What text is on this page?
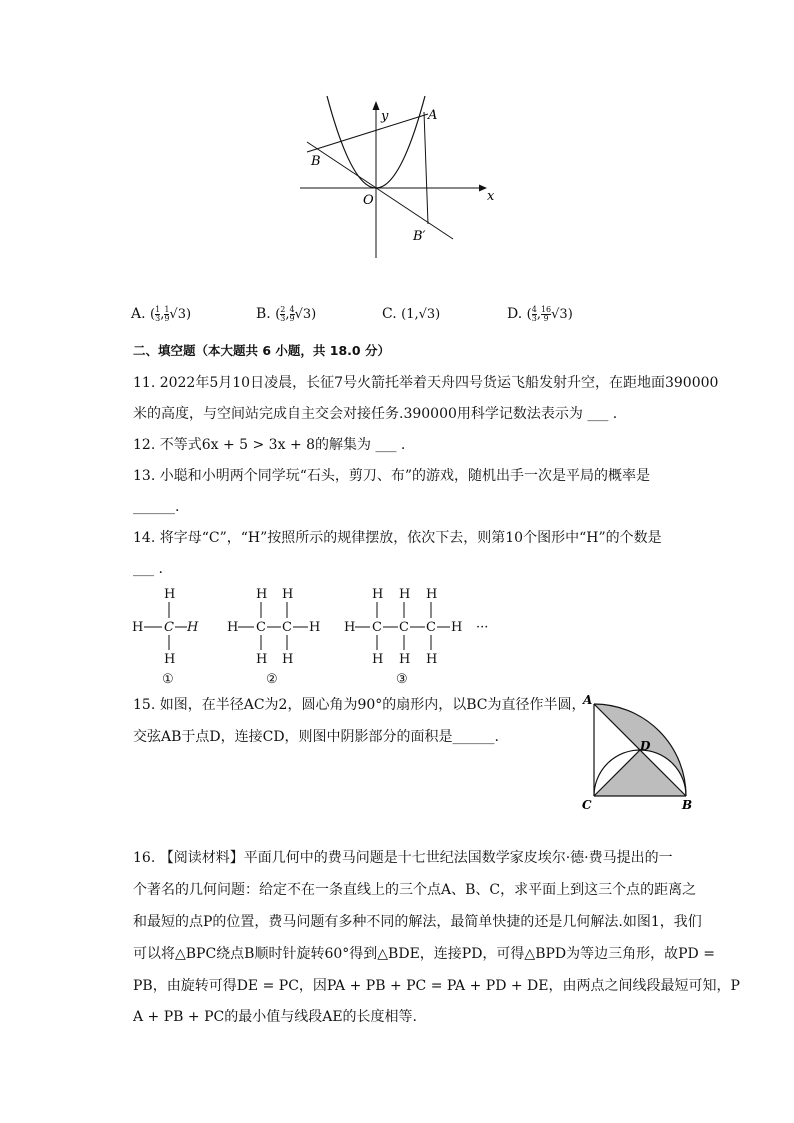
y
x
O
A
B
B′
A. ( $\frac{1}{3}$ , $\frac{1}{9} √3$)	B. ( $\frac{2}{3}$ , $\frac{4}{9} √3$)	C. (1,√3)	D. ( $\frac{4}{3}$ , $\frac{16}{9} √3$)
二、填空题（本大题共 6 小题，共 18.0 分）
11. 2022年5月10日凌晨，长征7号火箭托举着天舟四号货运飞船发射升空，在距地面390000
米的高度，与空间站完成自主交会对接任务.390000用科学记数法表示为 ___ .
12. 不等式6x + 5 > 3x + 8的解集为 ___ .
13. 小聪和小明两个同学玩“石头，剪刀、布”的游戏，随机出手一次是平局的概率是
______.
14. 将字母“C”，“H”按照所示的规律摆放，依次下去，则第10个图形中“H”的个数是
___ .
H
H C H
H
①
H H
H C C H
H H
②
H H H
H C C C H
H H H
③
···
15. 如图，在半径AC为2，圆心角为90°的扇形内，以BC为直径作半圆，
交弦AB于点D，连接CD，则图中阴影部分的面积是______.
A
D
C	B
16. 【阅读材料】平面几何中的费马问题是十七世纪法国数学家皮埃尔·德·费马提出的一
个著名的几何问题：给定不在一条直线上的三个点A、B、C，求平面上到这三个点的距离之
和最短的点P的位置，费马问题有多种不同的解法，最简单快捷的还是几何解法.如图1，我们
可以将△BPC绕点B顺时针旋转60°得到△BDE，连接PD，可得△BPD为等边三角形，故PD =
PB，由旋转可得DE = PC，因PA + PB + PC = PA + PD + DE，由两点之间线段最短可知，P
A + PB + PC的最小值与线段AE的长度相等.
